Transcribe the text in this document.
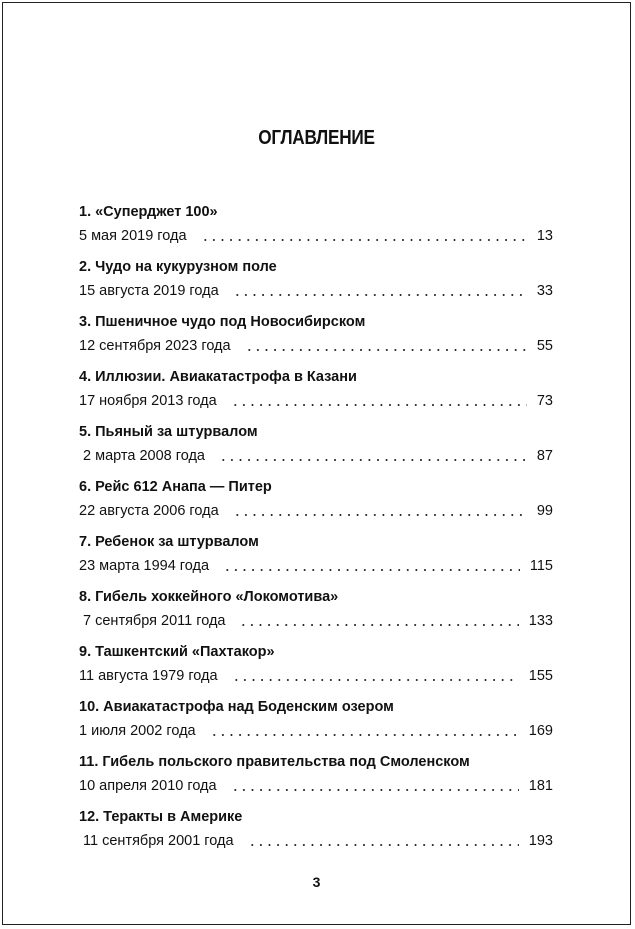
ОГЛАВЛЕНИЕ
1. «Суперджет 100»
5 мая 2019 года	13
2. Чудо на кукурузном поле
15 августа 2019 года	33
3. Пшеничное чудо под Новосибирском
12 сентября 2023 года	55
4. Иллюзии. Авиакатастрофа в Казани
17 ноября 2013 года	73
5. Пьяный за штурвалом
2 марта 2008 года	87
6. Рейс 612 Анапа — Питер
22 августа 2006 года	99
7. Ребенок за штурвалом
23 марта 1994 года	115
8. Гибель хоккейного «Локомотива»
7 сентября 2011 года	133
9. Ташкентский «Пахтакор»
11 августа 1979 года	155
10. Авиакатастрофа над Боденским озером
1 июля 2002 года	169
11. Гибель польского правительства под Смоленском
10 апреля 2010 года	181
12. Теракты в Америке
11 сентября 2001 года	193
3
